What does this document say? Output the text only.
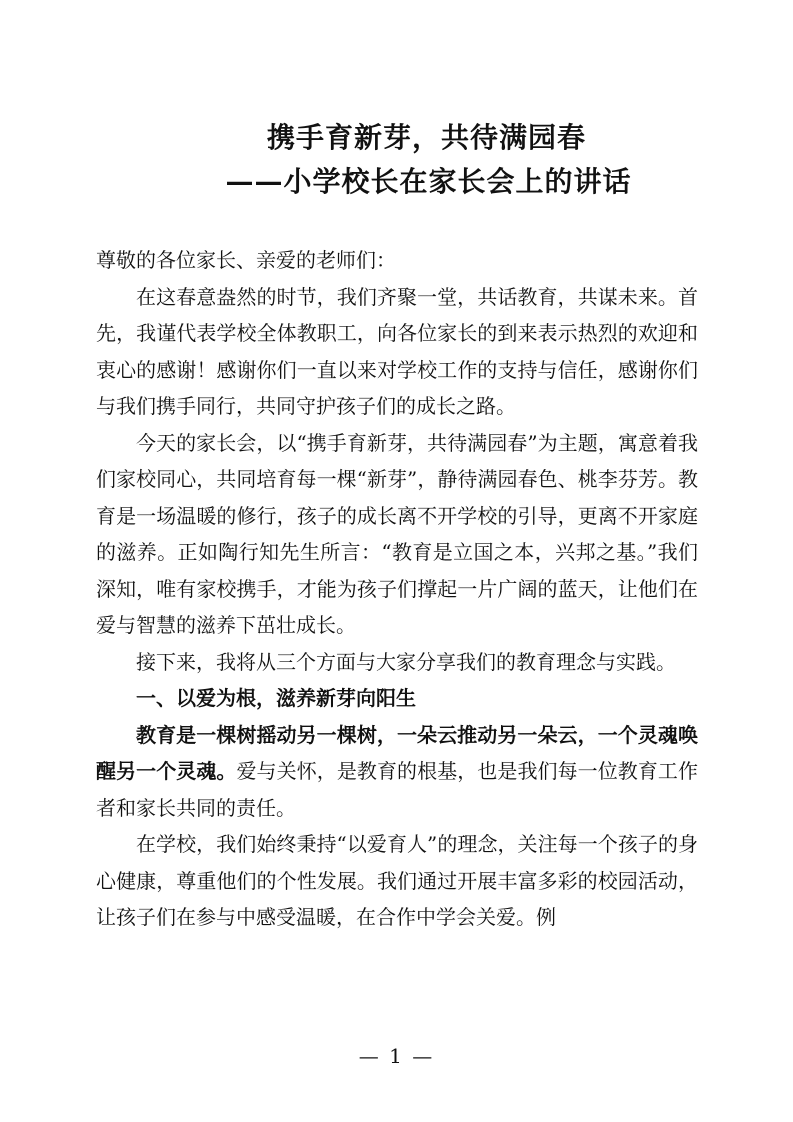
携手育新芽，共待满园春
——小学校长在家长会上的讲话

尊敬的各位家长、亲爱的老师们：

在这春意盎然的时节，我们齐聚一堂，共话教育，共谋未来。首先，我谨代表学校全体教职工，向各位家长的到来表示热烈的欢迎和衷心的感谢！感谢你们一直以来对学校工作的支持与信任，感谢你们与我们携手同行，共同守护孩子们的成长之路。

今天的家长会，以“携手育新芽，共待满园春”为主题，寓意着我们家校同心，共同培育每一棵“新芽”，静待满园春色、桃李芬芳。教育是一场温暖的修行，孩子的成长离不开学校的引导，更离不开家庭的滋养。正如陶行知先生所言：“教育是立国之本，兴邦之基。”我们深知，唯有家校携手，才能为孩子们撑起一片广阔的蓝天，让他们在爱与智慧的滋养下茁壮成长。

接下来，我将从三个方面与大家分享我们的教育理念与实践。

一、以爱为根，滋养新芽向阳生

教育是一棵树摇动另一棵树，一朵云推动另一朵云，一个灵魂唤醒另一个灵魂。爱与关怀，是教育的根基，也是我们每一位教育工作者和家长共同的责任。

在学校，我们始终秉持“以爱育人”的理念，关注每一个孩子的身心健康，尊重他们的个性发展。我们通过开展丰富多彩的校园活动，让孩子们在参与中感受温暖，在合作中学会关爱。例

— 1 —
